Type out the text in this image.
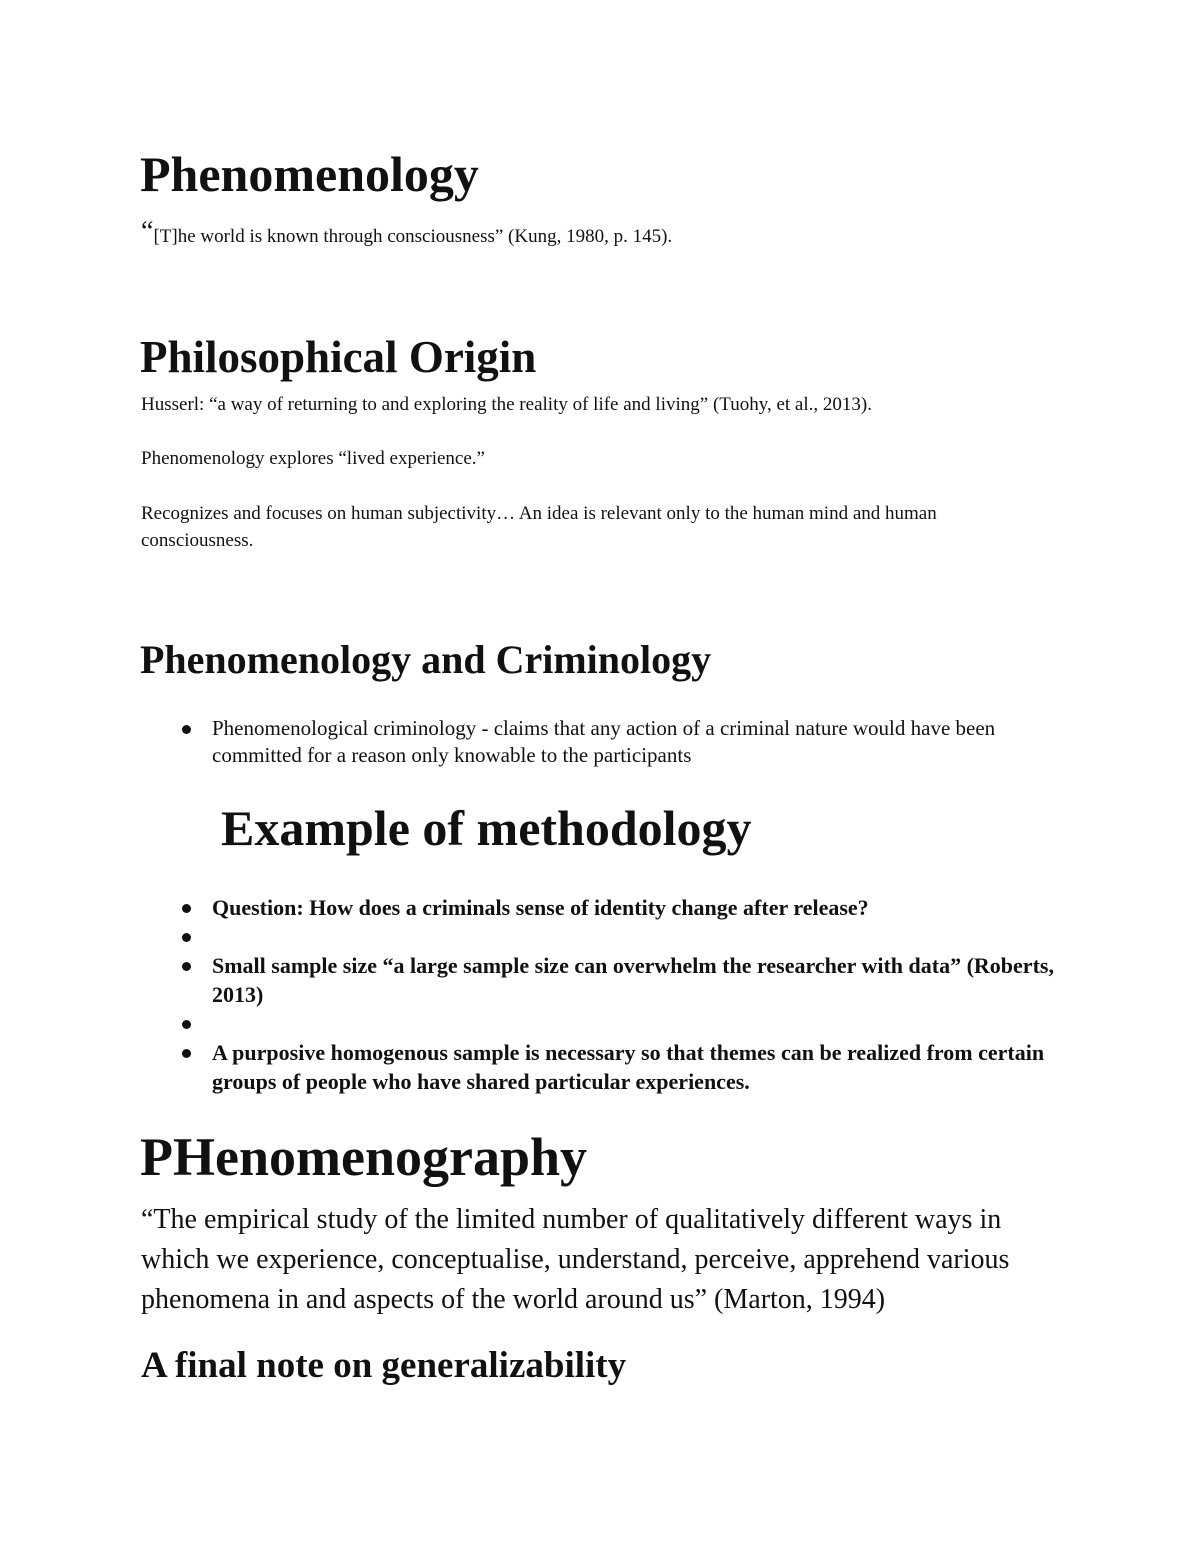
Phenomenology

“[T]he world is known through consciousness” (Kung, 1980, p. 145).

Philosophical Origin

Husserl: “a way of returning to and exploring the reality of life and living” (Tuohy, et al., 2013).

Phenomenology explores “lived experience.”

Recognizes and focuses on human subjectivity… An idea is relevant only to the human mind and human consciousness.

Phenomenology and Criminology
Phenomenological criminology - claims that any action of a criminal nature would have been committed for a reason only knowable to the participants
Example of methodology
Question: How does a criminals sense of identity change after release?
Small sample size “a large sample size can overwhelm the researcher with data” (Roberts, 2013)
A purposive homogenous sample is necessary so that themes can be realized from certain groups of people who have shared particular experiences.
PHenomenography

“The empirical study of the limited number of qualitatively different ways in which we experience, conceptualise, understand, perceive, apprehend various phenomena in and aspects of the world around us” (Marton, 1994)

A final note on generalizability
